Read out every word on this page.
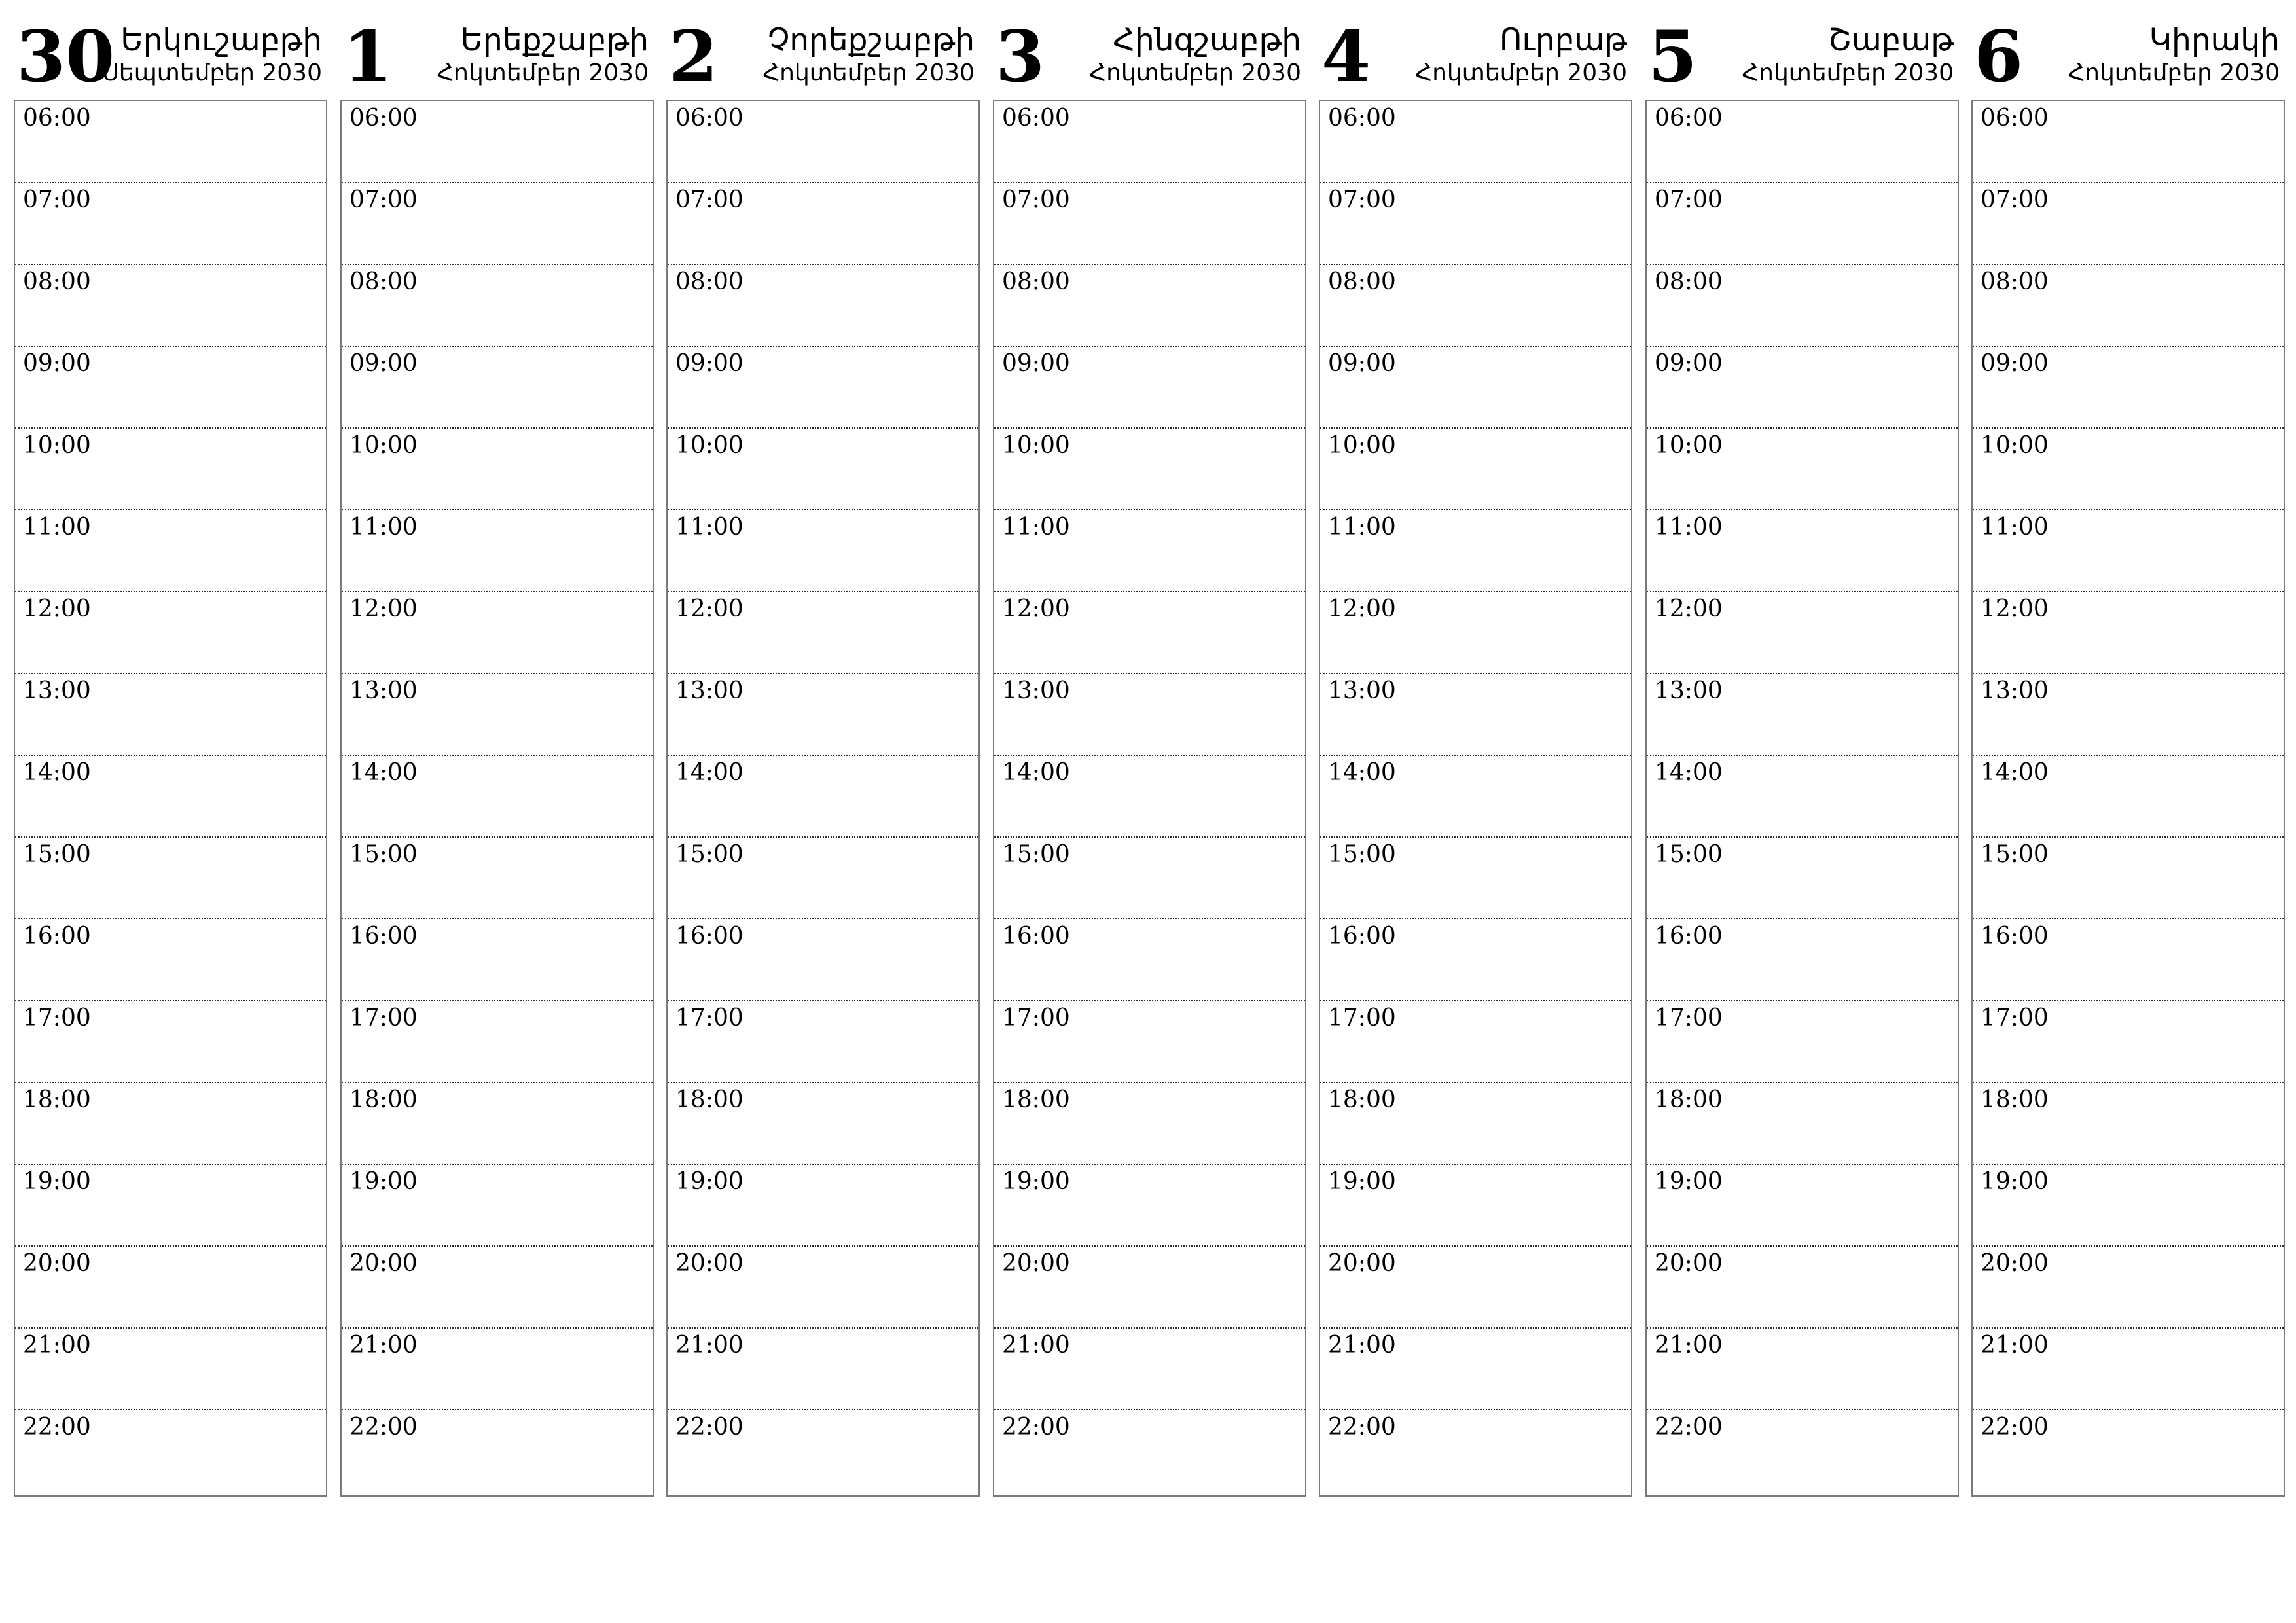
30 Երկուշաբթի
Սեպտեմբեր 2030
06:00
07:00
08:00
09:00
10:00
11:00
12:00
13:00
14:00
15:00
16:00
17:00
18:00
19:00
20:00
21:00
22:00
1 Երեքշաբթի
Հոկտեմբեր 2030
06:00
07:00
08:00
09:00
10:00
11:00
12:00
13:00
14:00
15:00
16:00
17:00
18:00
19:00
20:00
21:00
22:00
2 Չորեքշաբթի
Հոկտեմբեր 2030
06:00
07:00
08:00
09:00
10:00
11:00
12:00
13:00
14:00
15:00
16:00
17:00
18:00
19:00
20:00
21:00
22:00
3 Հինգշաբթի
Հոկտեմբեր 2030
06:00
07:00
08:00
09:00
10:00
11:00
12:00
13:00
14:00
15:00
16:00
17:00
18:00
19:00
20:00
21:00
22:00
4	Ուրբաթ
Հոկտեմբեր 2030
06:00
07:00
08:00
09:00
10:00
11:00
12:00
13:00
14:00
15:00
16:00
17:00
18:00
19:00
20:00
21:00
22:00
5	Շաբաթ
Հոկտեմբեր 2030
06:00
07:00
08:00
09:00
10:00
11:00
12:00
13:00
14:00
15:00
16:00
17:00
18:00
19:00
20:00
21:00
22:00
6	Կիրակի
Հոկտեմբեր 2030
06:00
07:00
08:00
09:00
10:00
11:00
12:00
13:00
14:00
15:00
16:00
17:00
18:00
19:00
20:00
21:00
22:00
